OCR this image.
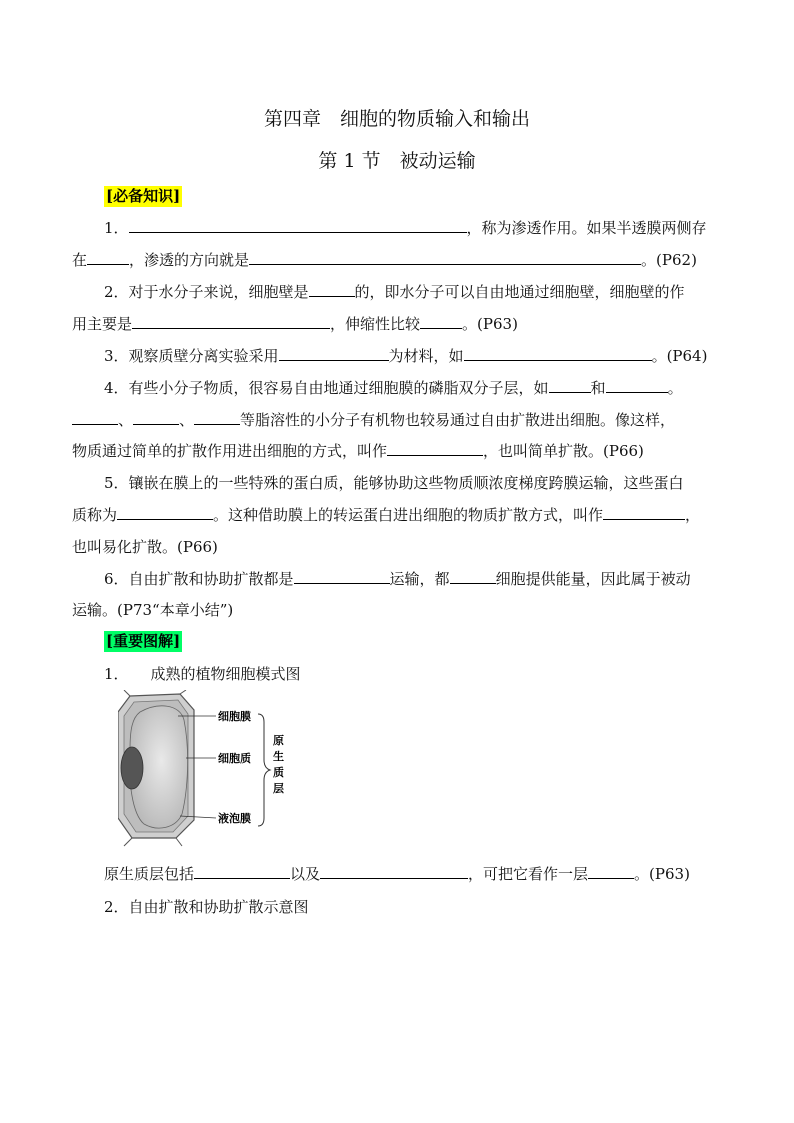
第四章　细胞的物质输入和输出
第 1 节　被动运输
[必备知识]
1．	，称为渗透作用。如果半透膜两侧存
在	，渗透的方向就是	。(P62)
2．对于水分子来说，细胞壁是	的，即水分子可以自由地通过细胞壁，细胞壁的作
用主要是	，伸缩性比较	。(P63)
3．观察质壁分离实验采用	为材料，如	。(P64)
4．有些小分子物质，很容易自由地通过细胞膜的磷脂双分子层，如	和	。
、	、	等脂溶性的小分子有机物也较易通过自由扩散进出细胞。像这样，
物质通过简单的扩散作用进出细胞的方式，叫作	，也叫简单扩散。(P66)
5．镶嵌在膜上的一些特殊的蛋白质，能够协助这些物质顺浓度梯度跨膜运输，这些蛋白
质称为	。这种借助膜上的转运蛋白进出细胞的物质扩散方式，叫作	，
也叫易化扩散。(P66)
6．自由扩散和协助扩散都是	运输，都	细胞提供能量，因此属于被动
运输。(P73“本章小结”)
[重要图解]
1． 成熟的植物细胞模式图
细胞膜
细胞质
液泡膜
原
生
质
层
原生质层包括	以及	，可把它看作一层	。(P63)
2．自由扩散和协助扩散示意图
